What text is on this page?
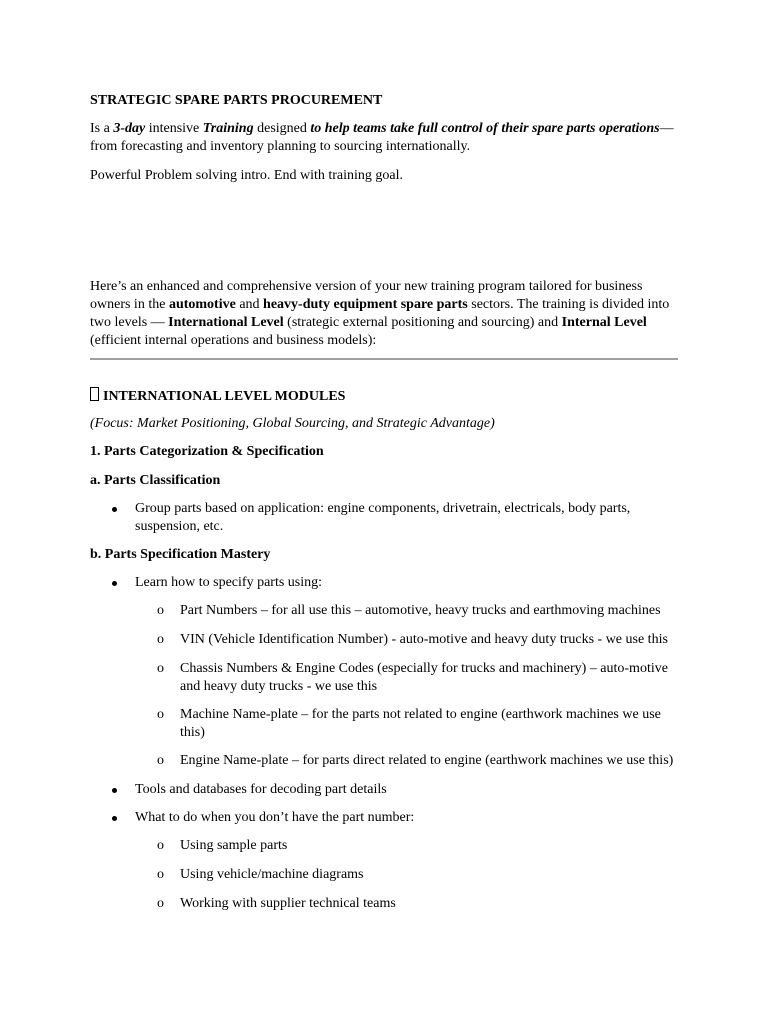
STRATEGIC SPARE PARTS PROCUREMENT
Is a 3-day intensive Training designed to help teams take full control of their spare parts operations— from forecasting and inventory planning to sourcing internationally.
Powerful Problem solving intro. End with training goal.
Here’s an enhanced and comprehensive version of your new training program tailored for business owners in the automotive and heavy-duty equipment spare parts sectors. The training is divided into two levels — International Level (strategic external positioning and sourcing) and Internal Level (efficient internal operations and business models):
INTERNATIONAL LEVEL MODULES
(Focus: Market Positioning, Global Sourcing, and Strategic Advantage)
1. Parts Categorization & Specification
a. Parts Classification
Group parts based on application: engine components, drivetrain, electricals, body parts, suspension, etc.
b. Parts Specification Mastery
Learn how to specify parts using:
o Part Numbers – for all use this – automotive, heavy trucks and earthmoving machines
o VIN (Vehicle Identification Number) - auto-motive and heavy duty trucks - we use this
o Chassis Numbers & Engine Codes (especially for trucks and machinery) – auto-motive and heavy duty trucks - we use this
o Machine Name-plate – for the parts not related to engine (earthwork machines we use this)
o Engine Name-plate – for parts direct related to engine (earthwork machines we use this)
Tools and databases for decoding part details
What to do when you don’t have the part number:
o Using sample parts
o Using vehicle/machine diagrams
o Working with supplier technical teams
